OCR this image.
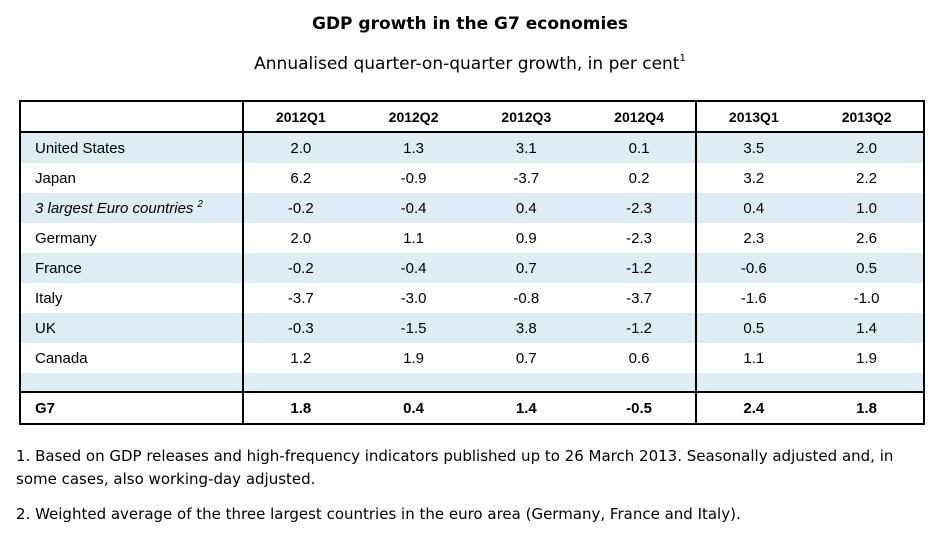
GDP growth in the G7 economies
Annualised quarter-on-quarter growth, in per cent$^1$
	2012Q1	2012Q2	2012Q3	2012Q4	2013Q1	2013Q2
United States	2.0	1.3	3.1	0.1	3.5	2.0
Japan	6.2	-0.9	-3.7	0.2	3.2	2.2
3 largest Euro countries $^2$	-0.2	-0.4	0.4	-2.3	0.4	1.0
Germany	2.0	1.1	0.9	-2.3	2.3	2.6
France	-0.2	-0.4	0.7	-1.2	-0.6	0.5
Italy	-3.7	-3.0	-0.8	-3.7	-1.6	-1.0
UK	-0.3	-1.5	3.8	-1.2	0.5	1.4
Canada	1.2	1.9	0.7	0.6	1.1	1.9

G7	1.8	0.4	1.4	-0.5	2.4	1.8

1. Based on GDP releases and high-frequency indicators published up to 26 March 2013. Seasonally adjusted and, in some cases, also working-day adjusted.

2. Weighted average of the three largest countries in the euro area (Germany, France and Italy).
